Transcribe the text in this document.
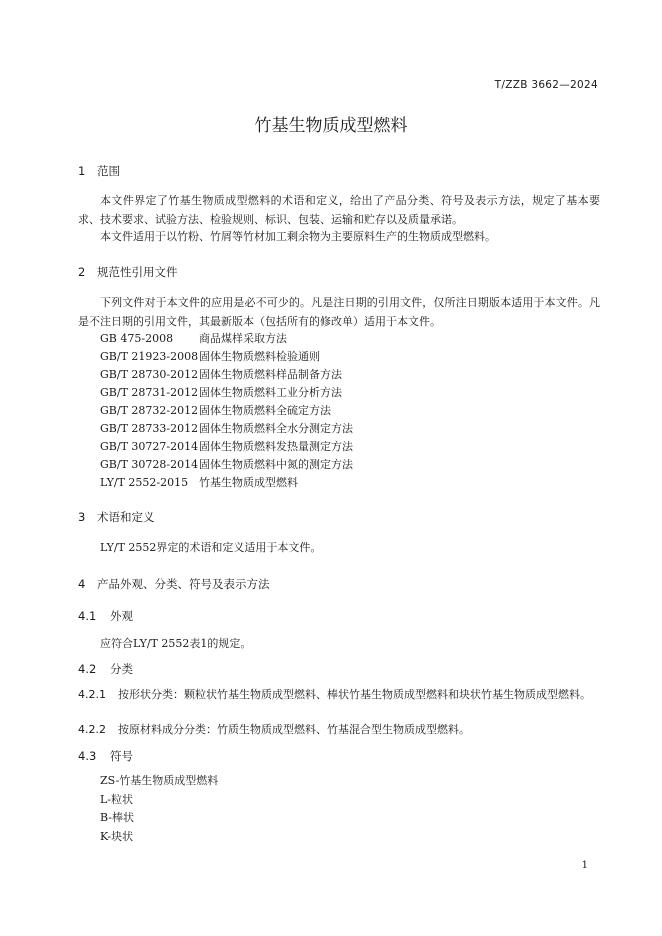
T/ZZB 3662—2024
竹基生物质成型燃料
1 范围

本文件界定了竹基生物质成型燃料的术语和定义，给出了产品分类、符号及表示方法，规定了基本要求、技术要求、试验方法、检验规则、标识、包装、运输和贮存以及质量承诺。

本文件适用于以竹粉、竹屑等竹材加工剩余物为主要原料生产的生物质成型燃料。

2 规范性引用文件

下列文件对于本文件的应用是必不可少的。凡是注日期的引用文件，仅所注日期版本适用于本文件。凡是不注日期的引用文件，其最新版本（包括所有的修改单）适用于本文件。

GB 475-2008 商品煤样采取方法
GB/T 21923-2008固体生物质燃料检验通则
GB/T 28730-2012固体生物质燃料样品制备方法
GB/T 28731-2012固体生物质燃料工业分析方法
GB/T 28732-2012固体生物质燃料全硫定方法
GB/T 28733-2012固体生物质燃料全水分测定方法
GB/T 30727-2014固体生物质燃料发热量测定方法
GB/T 30728-2014固体生物质燃料中氮的测定方法
LY/T 2552-2015 竹基生物质成型燃料
3 术语和定义
LY/T 2552界定的术语和定义适用于本文件。
4 产品外观、分类、符号及表示方法
4.1 外观
应符合LY/T 2552表1的规定。
4.2 分类

4.2.1 按形状分类：颗粒状竹基生物质成型燃料、棒状竹基生物质成型燃料和块状竹基生物质成型燃料。

4.2.2 按原材料成分分类：竹质生物质成型燃料、竹基混合型生物质成型燃料。

4.3 符号
ZS-竹基生物质成型燃料
L-粒状
B-棒状
K-块状
1
